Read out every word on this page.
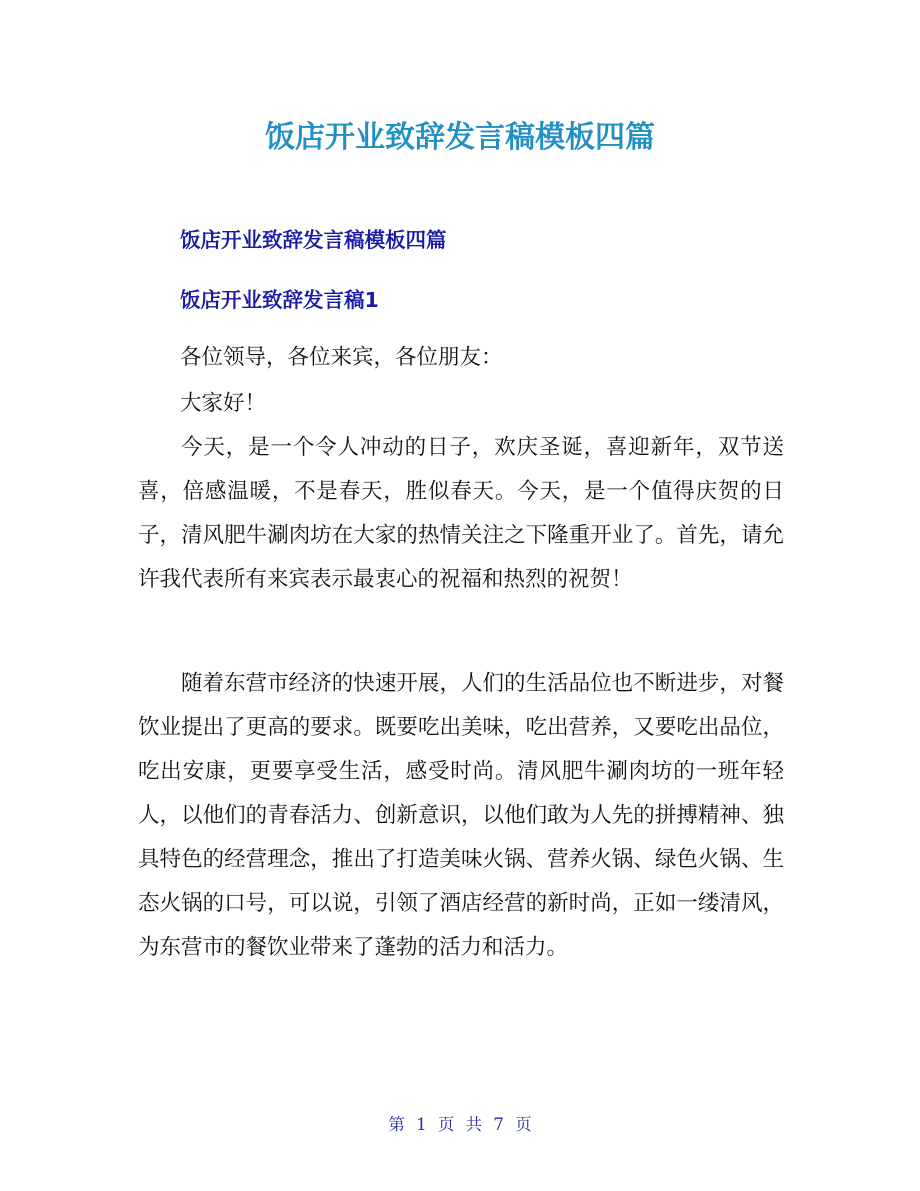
饭店开业致辞发言稿模板四篇
饭店开业致辞发言稿模板四篇
饭店开业致辞发言稿1
各位领导，各位来宾，各位朋友：
大家好！
今天，是一个令人冲动的日子，欢庆圣诞，喜迎新年，双节送喜，倍感温暖，不是春天，胜似春天。今天，是一个值得庆贺的日子，清风肥牛涮肉坊在大家的热情关注之下隆重开业了。首先，请允许我代表所有来宾表示最衷心的祝福和热烈的祝贺！
随着东营市经济的快速开展，人们的生活品位也不断进步，对餐饮业提出了更高的要求。既要吃出美味，吃出营养，又要吃出品位，吃出安康，更要享受生活，感受时尚。清风肥牛涮肉坊的一班年轻人，以他们的青春活力、创新意识，以他们敢为人先的拼搏精神、独具特色的经营理念，推出了打造美味火锅、营养火锅、绿色火锅、生态火锅的口号，可以说，引领了酒店经营的新时尚，正如一缕清风，为东营市的餐饮业带来了蓬勃的活力和活力。
第 1 页 共 7 页
